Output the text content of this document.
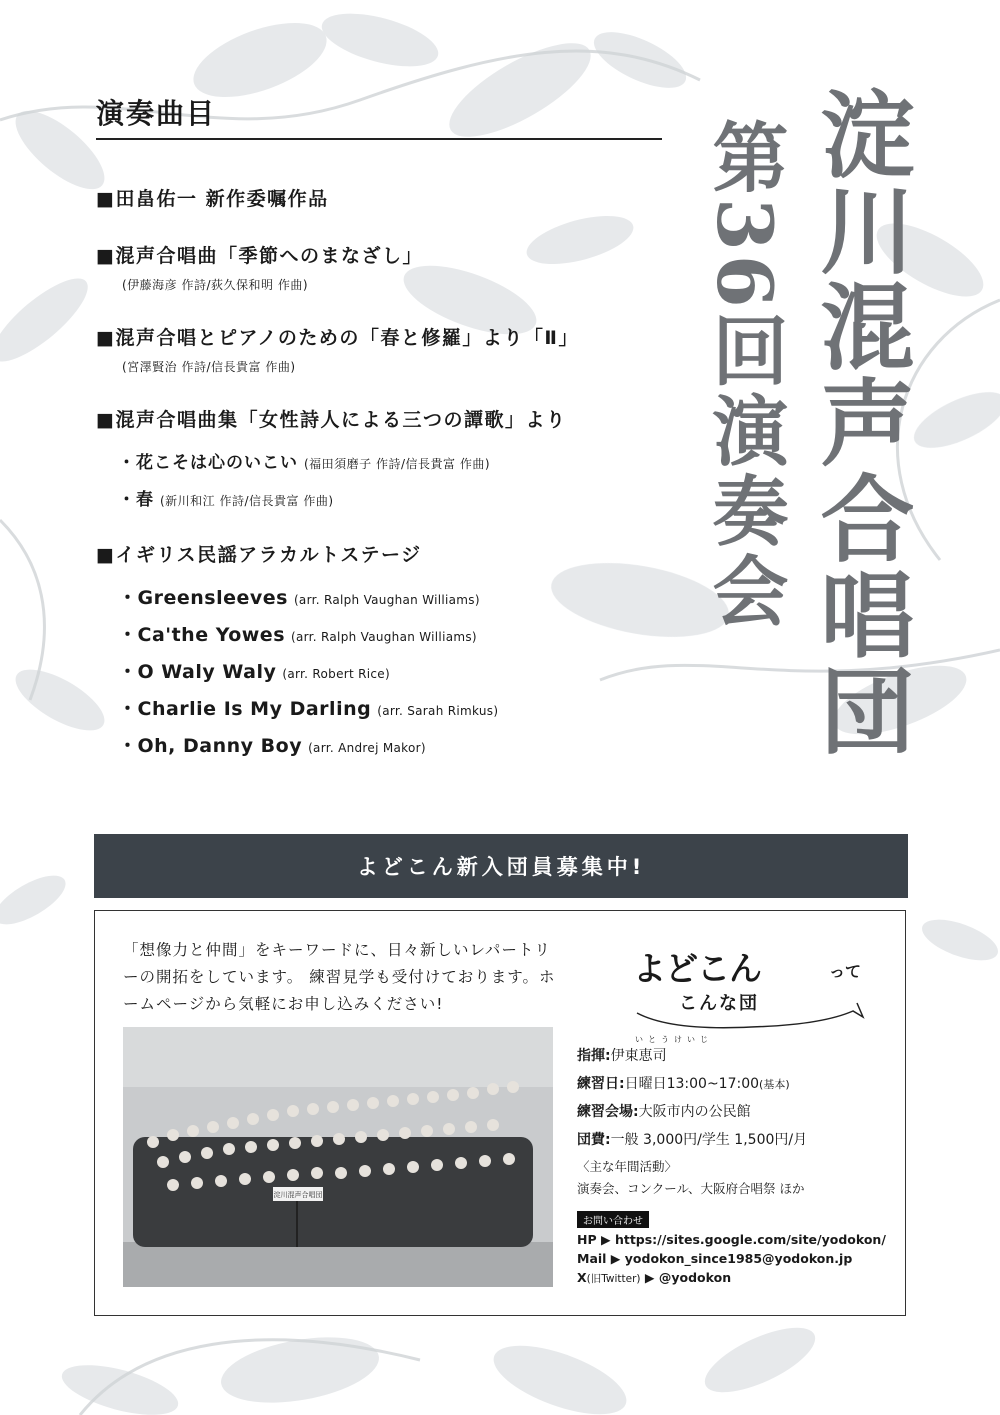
演奏曲目
■田畠佑一 新作委嘱作品
■混声合唱曲「季節へのまなざし」
(伊藤海彦 作詩/荻久保和明 作曲)
■混声合唱とピアノのための「春と修羅」より「Ⅱ」
(宮澤賢治 作詩/信長貴富 作曲)
■混声合唱曲集「女性詩人による三つの譚歌」より
・花こそは心のいこい (福田須磨子 作詩/信長貴富 作曲)
・春 (新川和江 作詩/信長貴富 作曲)
■イギリス民謡アラカルトステージ
・Greensleeves (arr. Ralph Vaughan Williams)
・Ca'the Yowes (arr. Ralph Vaughan Williams)
・O Waly Waly (arr. Robert Rice)
・Charlie Is My Darling (arr. Sarah Rimkus)
・Oh, Danny Boy (arr. Andrej Makor)	淀川混声合唱団
第36回演奏会
よどこん新入団員募集中!
「想像力と仲間」をキーワードに、日々新しいレパートリーの開拓をしています。 練習見学も受付けております。ホームページから気軽にお申し込みください!
淀川混声合唱団
よどこん	って
こんな団
いとうけいじ
指揮:伊東恵司
練習日:日曜日13:00~17:00(基本)
練習会場:大阪市内の公民館
団費:一般 3,000円/学生 1,500円/月
〈主な年間活動〉
演奏会、コンクール、大阪府合唱祭 ほか
お問い合わせ
HP ▶ https://sites.google.com/site/yodokon/
Mail ▶ yodokon_since1985@yodokon.jp
X(旧Twitter) ▶ @yodokon
